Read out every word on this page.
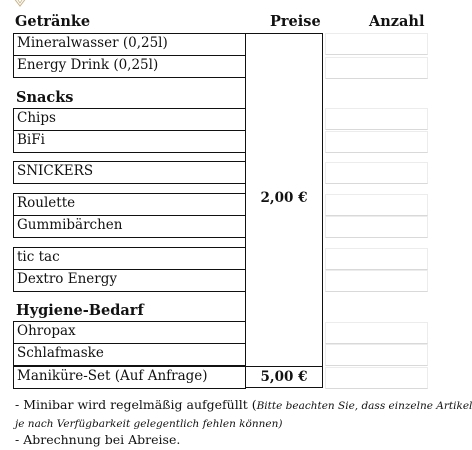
Getränke	Preise	Anzahl
2,00 €
5,00 €
Mineralwasser (0,25l)
Energy Drink (0,25l)
Snacks
Chips
BiFi
SNICKERS
Roulette
Gummibärchen
tic tac
Dextro Energy
Hygiene-Bedarf
Ohropax
Schlafmaske
Maniküre-Set (Auf Anfrage)
- Minibar wird regelmäßig aufgefüllt (Bitte beachten Sie, dass einzelne Artikel
je nach Verfügbarkeit gelegentlich fehlen können)
- Abrechnung bei Abreise.
